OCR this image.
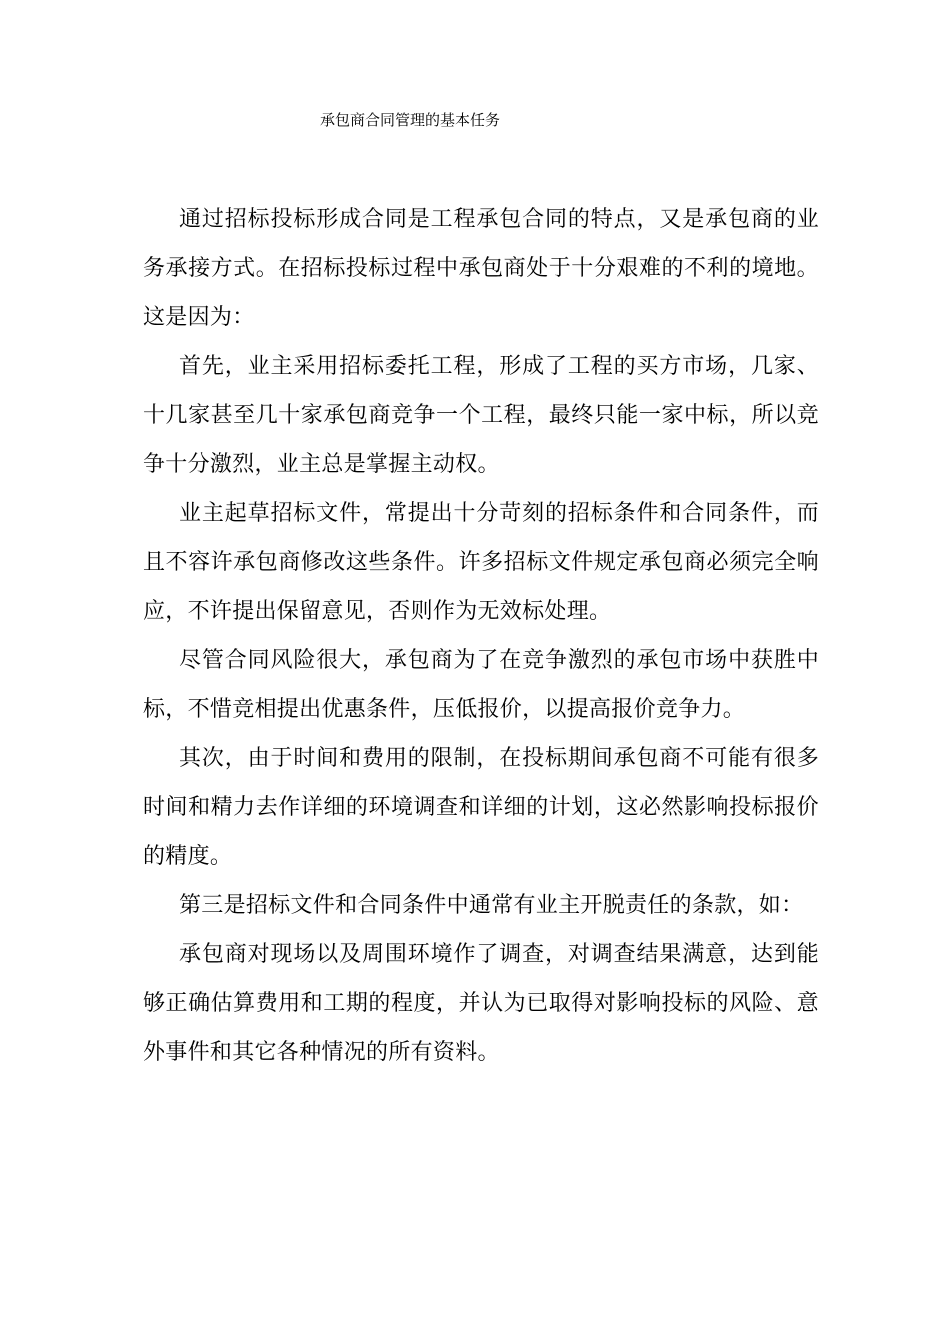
承包商合同管理的基本任务

通过招标投标形成合同是工程承包合同的特点，又是承包商的业务承接方式。在招标投标过程中承包商处于十分艰难的不利的境地。这是因为：

首先，业主采用招标委托工程，形成了工程的买方市场，几家、十几家甚至几十家承包商竞争一个工程，最终只能一家中标，所以竞争十分激烈，业主总是掌握主动权。

业主起草招标文件，常提出十分苛刻的招标条件和合同条件，而且不容许承包商修改这些条件。许多招标文件规定承包商必须完全响应，不许提出保留意见，否则作为无效标处理。

尽管合同风险很大，承包商为了在竞争激烈的承包市场中获胜中标，不惜竞相提出优惠条件，压低报价，以提高报价竞争力。

其次，由于时间和费用的限制，在投标期间承包商不可能有很多时间和精力去作详细的环境调查和详细的计划，这必然影响投标报价的精度。

第三是招标文件和合同条件中通常有业主开脱责任的条款，如：

承包商对现场以及周围环境作了调查，对调查结果满意，达到能够正确估算费用和工期的程度，并认为已取得对影响投标的风险、意外事件和其它各种情况的所有资料。
